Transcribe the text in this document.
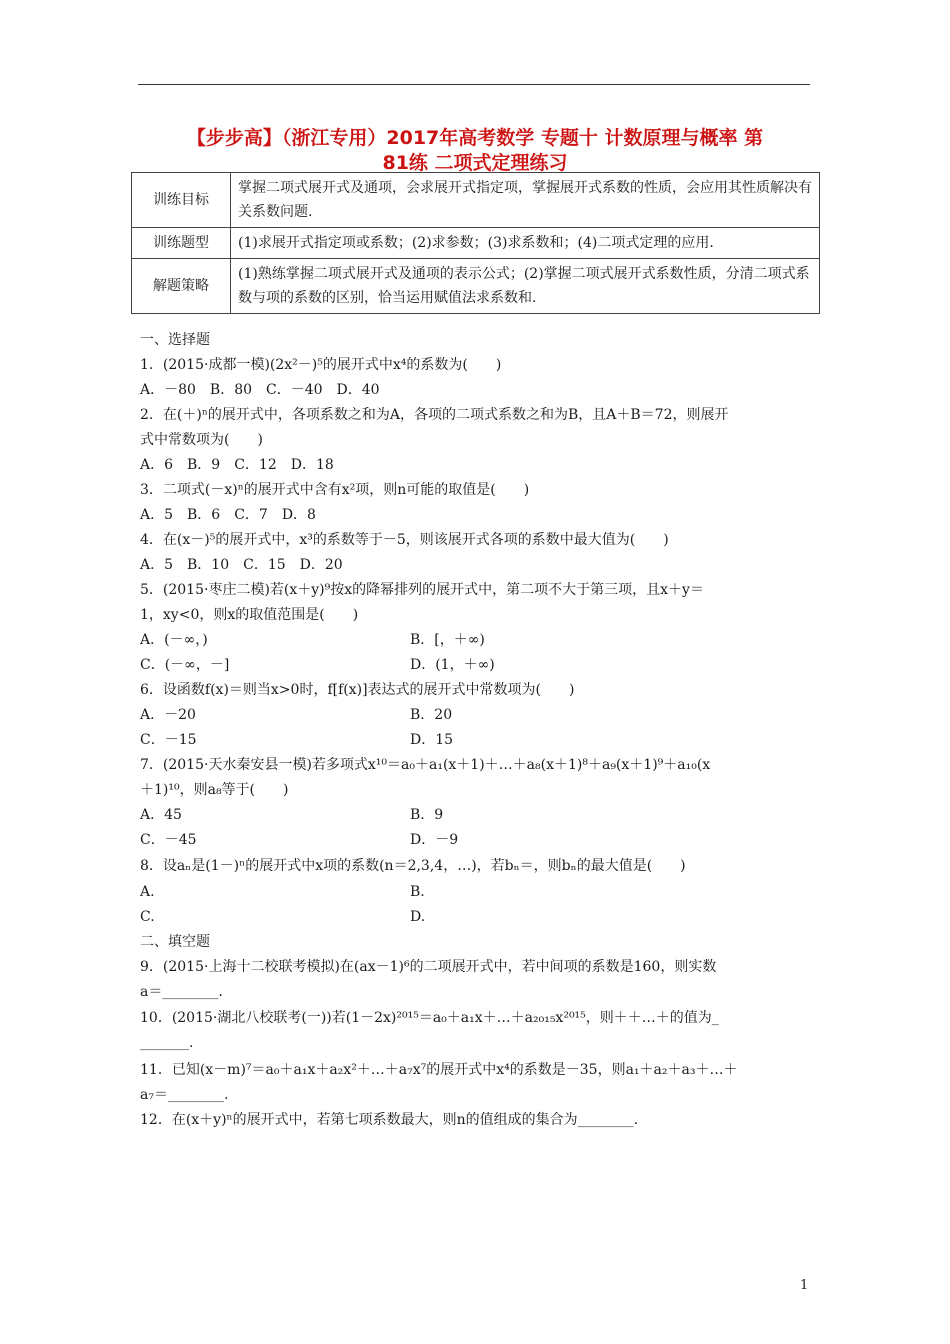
【步步高】（浙江专用）2017年高考数学 专题十 计数原理与概率 第
81练 二项式定理练习
训练目标	掌握二项式展开式及通项，会求展开式指定项，掌握展开式系数的性质，会应用其性质解决有关系数问题.
训练题型	(1)求展开式指定项或系数；(2)求参数；(3)求系数和；(4)二项式定理的应用.
解题策略	(1)熟练掌握二项式展开式及通项的表示公式；(2)掌握二项式展开式系数性质，分清二项式系数与项的系数的区别，恰当运用赋值法求系数和.
一、选择题
1．(2015·成都一模)(2x²－)⁵的展开式中x⁴的系数为(　　)
A．－80　B．80　C．－40　D．40
2．在(＋)ⁿ的展开式中，各项系数之和为A，各项的二项式系数之和为B，且A＋B＝72，则展开
式中常数项为(　　)
A．6　B．9　C．12　D．18
3．二项式(－x)ⁿ的展开式中含有x²项，则n可能的取值是(　　)
A．5　B．6　C．7　D．8
4．在(x－)⁵的展开式中，x³的系数等于－5，则该展开式各项的系数中最大值为(　　)
A．5　B．10　C．15　D．20
5．(2015·枣庄二模)若(x＋y)⁹按x的降幂排列的展开式中，第二项不大于第三项，且x＋y＝
1，xy<0，则x的取值范围是(　　)
A．(－∞，)	B．[，＋∞)
C．(－∞，－]	D．(1，＋∞)
6．设函数f(x)＝则当x>0时，f[f(x)]表达式的展开式中常数项为(　　)
A．－20	B．20
C．－15	D．15
7．(2015·天水秦安县一模)若多项式x¹⁰＝a₀＋a₁(x＋1)＋…＋a₈(x＋1)⁸＋a₉(x＋1)⁹＋a₁₀(x
＋1)¹⁰，则a₈等于(　　)
A．45	B．9
C．－45	D．－9
8．设aₙ是(1－)ⁿ的展开式中x项的系数(n＝2,3,4，…)，若bₙ＝，则bₙ的最大值是(　　)
A.	B.
C.	D.
二、填空题
9．(2015·上海十二校联考模拟)在(ax－1)⁶的二项展开式中，若中间项的系数是160，则实数
a＝________.
10．(2015·湖北八校联考(一))若(1－2x)²⁰¹⁵＝a₀＋a₁x＋…＋a₂₀₁₅x²⁰¹⁵，则＋＋…＋的值为_
_______.
11．已知(x－m)⁷＝a₀＋a₁x＋a₂x²＋…＋a₇x⁷的展开式中x⁴的系数是－35，则a₁＋a₂＋a₃＋…＋
a₇＝________.
12．在(x＋y)ⁿ的展开式中，若第七项系数最大，则n的值组成的集合为________.
1
